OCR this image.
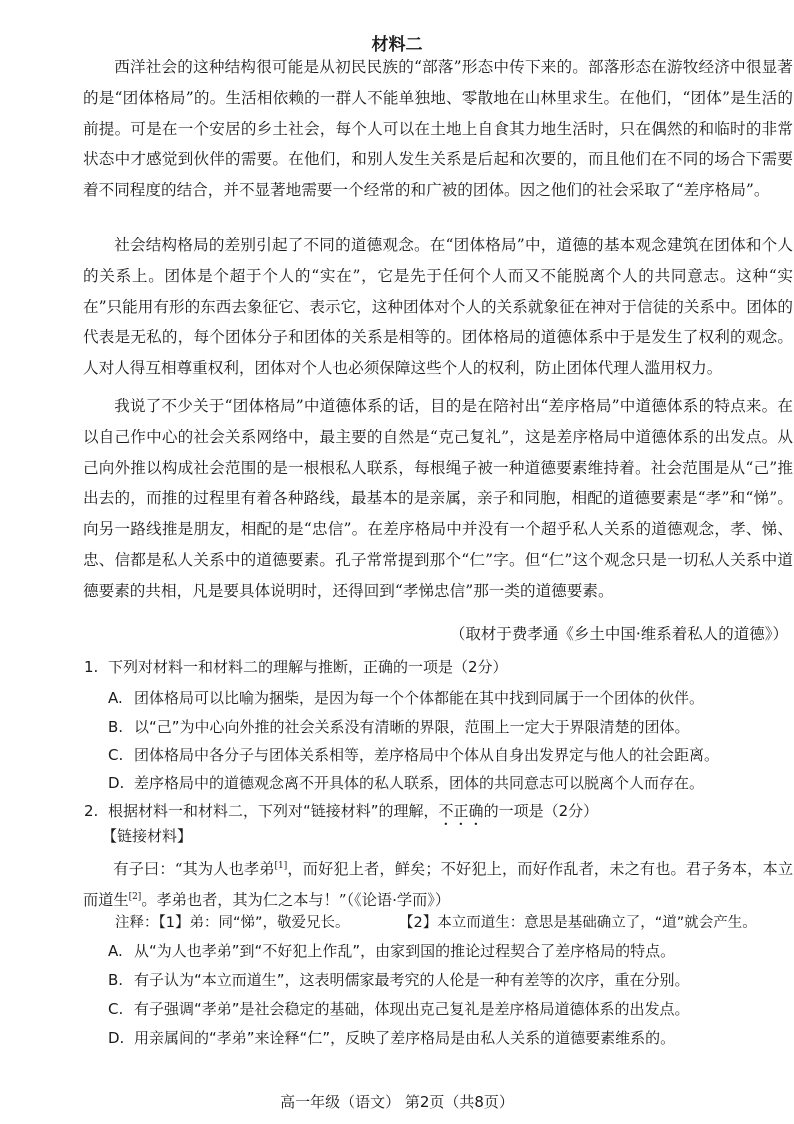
材料二

西洋社会的这种结构很可能是从初民民族的“部落”形态中传下来的。部落形态在游牧经济中很显著的是“团体格局”的。生活相依赖的一群人不能单独地、零散地在山林里求生。在他们，“团体”是生活的前提。可是在一个安居的乡土社会，每个人可以在土地上自食其力地生活时，只在偶然的和临时的非常状态中才感觉到伙伴的需要。在他们，和别人发生关系是后起和次要的，而且他们在不同的场合下需要着不同程度的结合，并不显著地需要一个经常的和广被的团体。因之他们的社会采取了“差序格局”。

社会结构格局的差别引起了不同的道德观念。在“团体格局”中，道德的基本观念建筑在团体和个人的关系上。团体是个超于个人的“实在”，它是先于任何个人而又不能脱离个人的共同意志。这种“实在”只能用有形的东西去象征它、表示它，这种团体对个人的关系就象征在神对于信徒的关系中。团体的代表是无私的，每个团体分子和团体的关系是相等的。团体格局的道德体系中于是发生了权利的观念。人对人得互相尊重权利，团体对个人也必须保障这些个人的权利，防止团体代理人滥用权力。

我说了不少关于“团体格局”中道德体系的话，目的是在陪衬出“差序格局”中道德体系的特点来。在以自己作中心的社会关系网络中，最主要的自然是“克己复礼”，这是差序格局中道德体系的出发点。从己向外推以构成社会范围的是一根根私人联系，每根绳子被一种道德要素维持着。社会范围是从“己”推出去的，而推的过程里有着各种路线，最基本的是亲属，亲子和同胞，相配的道德要素是“孝”和“悌”。向另一路线推是朋友，相配的是“忠信”。在差序格局中并没有一个超乎私人关系的道德观念，孝、悌、忠、信都是私人关系中的道德要素。孔子常常提到那个“仁”字。但“仁”这个观念只是一切私人关系中道德要素的共相，凡是要具体说明时，还得回到“孝悌忠信”那一类的道德要素。

（取材于费孝通《乡土中国·维系着私人的道德》）
1. 下列对材料一和材料二的理解与推断，正确的一项是（2分）
A. 团体格局可以比喻为捆柴，是因为每一个个体都能在其中找到同属于一个团体的伙伴。
B. 以“己”为中心向外推的社会关系没有清晰的界限，范围上一定大于界限清楚的团体。
C. 团体格局中各分子与团体关系相等，差序格局中个体从自身出发界定与他人的社会距离。
D. 差序格局中的道德观念离不开具体的私人联系，团体的共同意志可以脱离个人而存在。
2. 根据材料一和材料二，下列对“链接材料”的理解，不正确的一项是（2分）
【链接材料】

有子曰：“其为人也孝弟[1]，而好犯上者，鲜矣；不好犯上，而好作乱者，未之有也。君子务本，本立而道生[2]。孝弟也者，其为仁之本与！”（《论语·学而》）

注释：【1】弟：同“悌”，敬爱兄长。	【2】本立而道生：意思是基础确立了，“道”就会产生。
A. 从“为人也孝弟”到“不好犯上作乱”，由家到国的推论过程契合了差序格局的特点。
B. 有子认为“本立而道生”，这表明儒家最考究的人伦是一种有差等的次序，重在分别。
C. 有子强调“孝弟”是社会稳定的基础，体现出克己复礼是差序格局道德体系的出发点。
D. 用亲属间的“孝弟”来诠释“仁”，反映了差序格局是由私人关系的道德要素维系的。
高一年级（语文） 第2页（共8页）
